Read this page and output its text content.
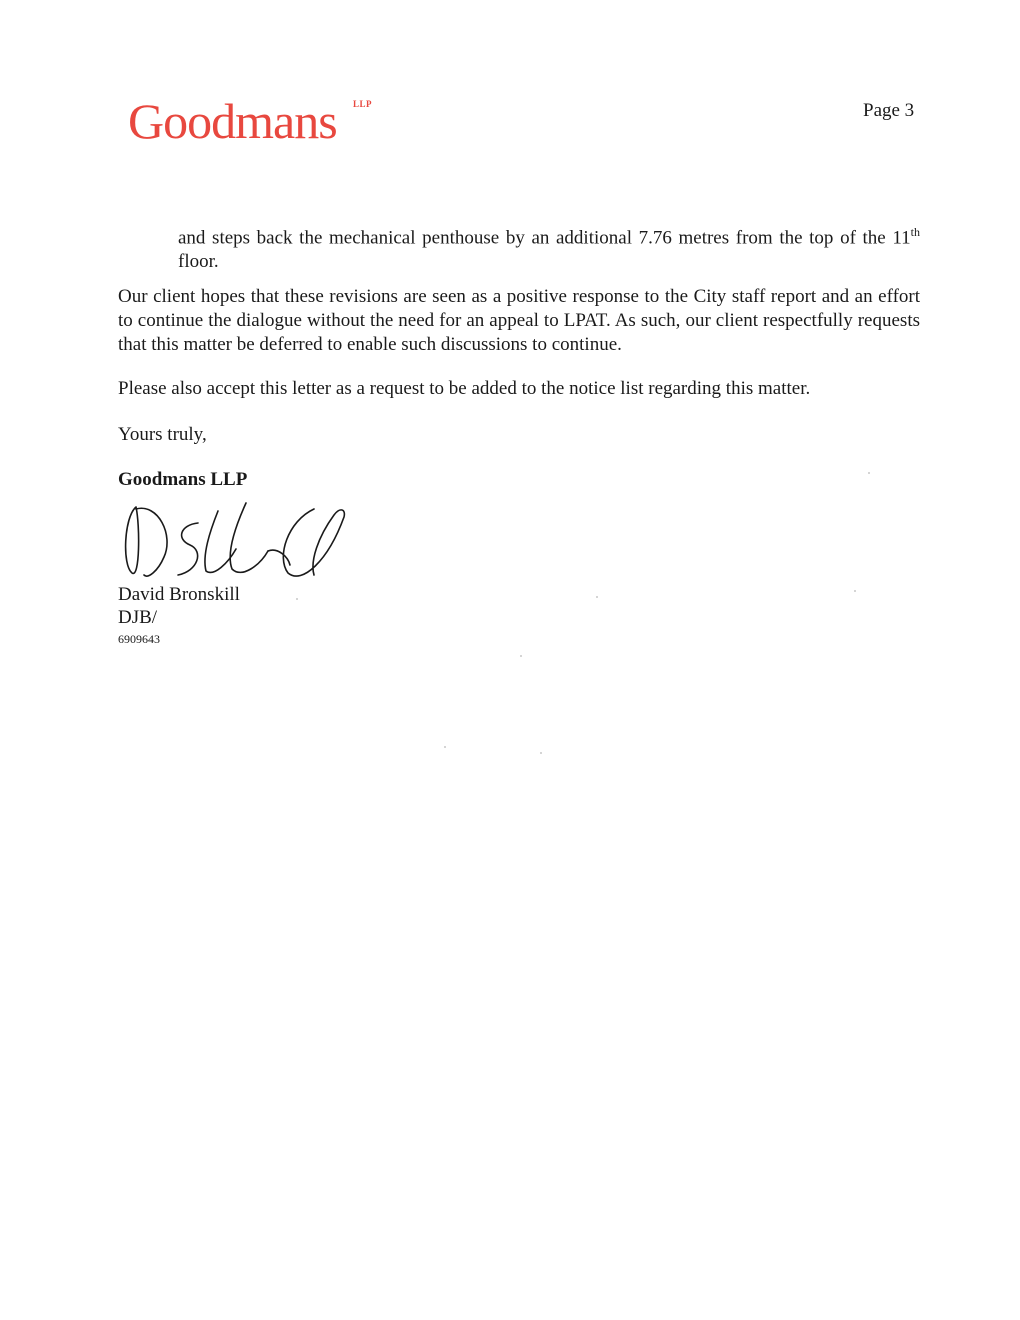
Goodmans LLP	Page 3

and steps back the mechanical penthouse by an additional 7.76 metres from the top of the 11th floor.

Our client hopes that these revisions are seen as a positive response to the City staff report and an effort to continue the dialogue without the need for an appeal to LPAT. As such, our client respectfully requests that this matter be deferred to enable such discussions to continue.

Please also accept this letter as a request to be added to the notice list regarding this matter.

Yours truly,

Goodmans LLP
David Bronskill
DJB/
6909643
